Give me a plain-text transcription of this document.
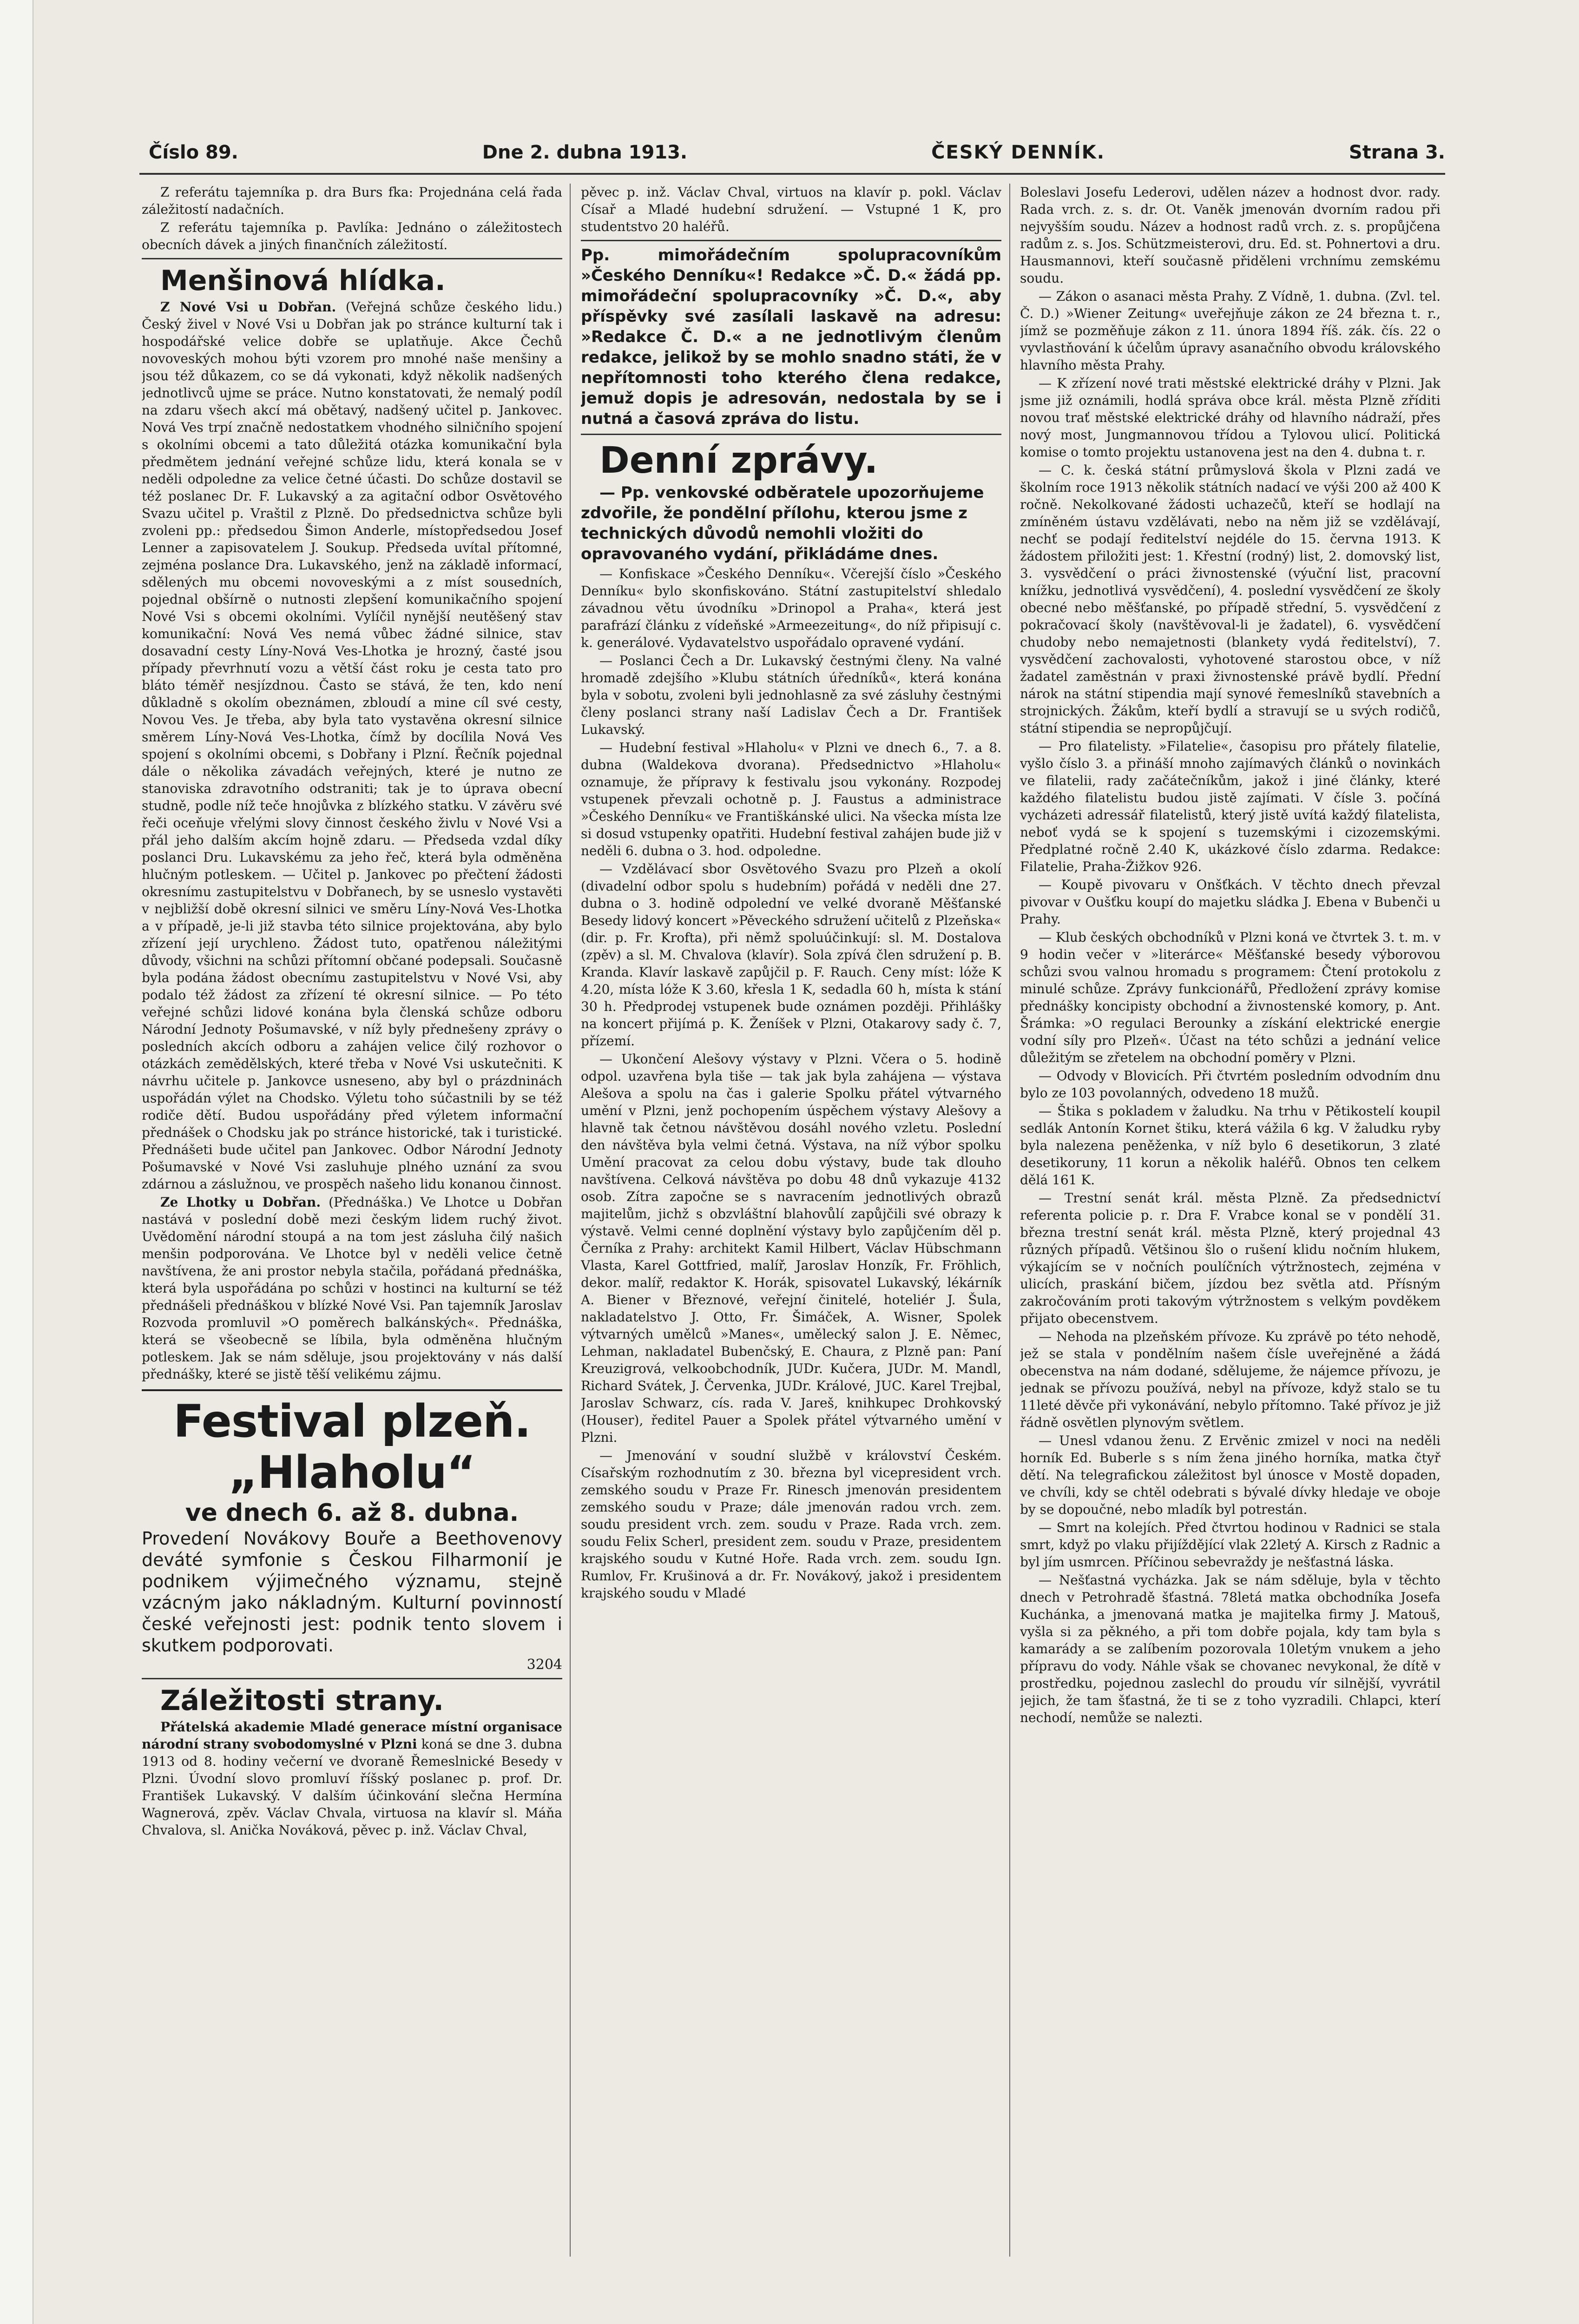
Číslo 89.	Dne 2. dubna 1913.	ČESKÝ DENNÍK.	Strana 3.

Z referátu tajemníka p. dra Burs fka: Projednána celá řada záležitostí nadačních.

Z referátu tajemníka p. Pavlíka: Jednáno o záležitostech obecních dávek a jiných finančních záležitostí.

Menšinová hlídka.

Z Nové Vsi u Dobřan. (Veřejná schůze českého lidu.) Český živel v Nové Vsi u Dobřan jak po stránce kulturní tak i hospodářské velice dobře se uplatňuje. Akce Čechů novoveských mohou býti vzorem pro mnohé naše menšiny a jsou též důkazem, co se dá vykonati, když několik nadšených jednotlivců ujme se práce. Nutno konstatovati, že nemalý podíl na zdaru všech akcí má obětavý, nadšený učitel p. Jankovec. Nová Ves trpí značně nedostatkem vhodného silničního spojení s okolními obcemi a tato důležitá otázka komunikační byla předmětem jednání veřejné schůze lidu, která konala se v neděli odpoledne za velice četné účasti. Do schůze dostavil se též poslanec Dr. F. Lukavský a za agitační odbor Osvětového Svazu učitel p. Vraštil z Plzně. Do předsednictva schůze byli zvoleni pp.: předsedou Šimon Anderle, místopředsedou Josef Lenner a zapisovatelem J. Soukup. Předseda uvítal přítomné, zejména poslance Dra. Lukavského, jenž na základě informací, sdělených mu obcemi novoveskými a z míst sousedních, pojednal obšírně o nutnosti zlepšení komunikačního spojení Nové Vsi s obcemi okolními. Vylíčil nynější neutěšený stav komunikační: Nová Ves nemá vůbec žádné silnice, stav dosavadní cesty Líny-Nová Ves-Lhotka je hrozný, časté jsou případy převrhnutí vozu a větší část roku je cesta tato pro bláto téměř nesjízdnou. Často se stává, že ten, kdo není důkladně s okolím obeznámen, zbloudí a mine cíl své cesty, Novou Ves. Je třeba, aby byla tato vystavěna okresní silnice směrem Líny-Nová Ves-Lhotka, čímž by docílila Nová Ves spojení s okolními obcemi, s Dobřany i Plzní. Řečník pojednal dále o několika závadách veřejných, které je nutno ze stanoviska zdravotního odstraniti; tak je to úprava obecní studně, podle níž teče hnojůvka z blízkého statku. V závěru své řeči oceňuje vřelými slovy činnost českého živlu v Nové Vsi a přál jeho dalším akcím hojně zdaru. — Předseda vzdal díky poslanci Dru. Lukavskému za jeho řeč, která byla odměněna hlučným potleskem. — Učitel p. Jankovec po přečtení žádosti okresnímu zastupitelstvu v Dobřanech, by se usneslo vystavěti v nejbližší době okresní silnici ve směru Líny-Nová Ves-Lhotka a v případě, je-li již stavba této silnice projektována, aby bylo zřízení její urychleno. Žádost tuto, opatřenou náležitými důvody, všichni na schůzi přítomní občané podepsali. Současně byla podána žádost obecnímu zastupitelstvu v Nové Vsi, aby podalo též žádost za zřízení té okresní silnice. — Po této veřejné schůzi lidové konána byla členská schůze odboru Národní Jednoty Pošumavské, v níž byly přednešeny zprávy o posledních akcích odboru a zahájen velice čilý rozhovor o otázkách zemědělských, které třeba v Nové Vsi uskutečniti. K návrhu učitele p. Jankovce usneseno, aby byl o prázdninách uspořádán výlet na Chodsko. Výletu toho súčastnili by se též rodiče dětí. Budou uspořádány před výletem informační přednášek o Chodsku jak po stránce historické, tak i turistické. Přednášeti bude učitel pan Jankovec. Odbor Národní Jednoty Pošumavské v Nové Vsi zasluhuje plného uznání za svou zdárnou a záslužnou, ve prospěch našeho lidu konanou činnost.

Ze Lhotky u Dobřan. (Přednáška.) Ve Lhotce u Dobřan nastává v poslední době mezi českým lidem ruchý život. Uvědomění národní stoupá a na tom jest zásluha čilý našich menšin podporována. Ve Lhotce byl v neděli velice četně navštívena, že ani prostor nebyla stačila, pořádaná přednáška, která byla uspořádána po schůzi v hostinci na kulturní se též přednášeli přednáškou v blízké Nové Vsi. Pan tajemník Jaroslav Rozvoda promluvil »O poměrech balkánských«. Přednáška, která se všeobecně se líbila, byla odměněna hlučným potleskem. Jak se nám sděluje, jsou projektovány v nás další přednášky, které se jistě těší velikému zájmu.

Festival plzeň. „Hlaholu“
ve dnech 6. až 8. dubna.
Provedení Novákovy Bouře a Beethovenovy deváté symfonie s Českou Filharmonií je podnikem výjimečného významu, stejně vzácným jako nákladným. Kulturní povinností české veřejnosti jest: podnik tento slovem i skutkem podporovati.
3204

Záležitosti strany.

Přátelská akademie Mladé generace místní organisace národní strany svobodomyslné v Plzni koná se dne 3. dubna 1913 od 8. hodiny večerní ve dvoraně Řemeslnické Besedy v Plzni. Úvodní slovo promluví říšský poslanec p. prof. Dr. František Lukavský. V dalším účinkování slečna Hermína Wagnerová, zpěv. Václav Chvala, virtuosa na klavír sl. Máňa Chvalova, sl. Anička Nováková, pěvec p. inž. Václav Chval,

pěvec p. inž. Václav Chval, virtuos na klavír p. pokl. Václav Císař a Mladé hudební sdružení. — Vstupné 1 K, pro studentstvo 20 haléřů.

Pp. mimořádečním spolupracovníkům »Českého Denníku«! Redakce »Č. D.« žádá pp. mimořádeční spolupracovníky »Č. D.«, aby příspěvky své zasílali laskavě na adresu: »Redakce Č. D.« a ne jednotlivým členům redakce, jelikož by se mohlo snadno státi, že v nepřítomnosti toho kterého člena redakce, jemuž dopis je adresován, nedostala by se i nutná a časová zpráva do listu.

Denní zprávy.

— Pp. venkovské odběratele upozorňujeme zdvořile, že pondělní přílohu, kterou jsme z technických důvodů nemohli vložiti do opravovaného vydání, přikládáme dnes.

— Konfiskace »Českého Denníku«. Včerejší číslo »Českého Denníku« bylo skonfiskováno. Státní zastupitelství shledalo závadnou větu úvodníku »Drinopol a Praha«, která jest parafrází článku z vídeňské »Armeezeitung«, do níž připisují c. k. generálové. Vydavatelstvo uspořádalo opravené vydání.

— Poslanci Čech a Dr. Lukavský čestnými členy. Na valné hromadě zdejšího »Klubu státních úředníků«, která konána byla v sobotu, zvoleni byli jednohlasně za své zásluhy čestnými členy poslanci strany naší Ladislav Čech a Dr. František Lukavský.

— Hudební festival »Hlaholu« v Plzni ve dnech 6., 7. a 8. dubna (Waldekova dvorana). Předsednictvo »Hlaholu« oznamuje, že přípravy k festivalu jsou vykonány. Rozpodej vstupenek převzali ochotně p. J. Faustus a administrace »Českého Denníku« ve Františkánské ulici. Na všecka místa lze si dosud vstupenky opatřiti. Hudební festival zahájen bude již v neděli 6. dubna o 3. hod. odpoledne.

— Vzdělávací sbor Osvětového Svazu pro Plzeň a okolí (divadelní odbor spolu s hudebním) pořádá v neděli dne 27. dubna o 3. hodině odpolední ve velké dvoraně Měšťanské Besedy lidový koncert »Pěveckého sdružení učitelů z Plzeňska« (dir. p. Fr. Krofta), při němž spoluúčinkují: sl. M. Dostalova (zpěv) a sl. M. Chvalova (klavír). Sola zpívá člen sdružení p. B. Kranda. Klavír laskavě zapůjčil p. F. Rauch. Ceny míst: lóže K 4.20, místa lóže K 3.60, křesla 1 K, sedadla 60 h, místa k stání 30 h. Předprodej vstupenek bude oznámen později. Přihlášky na koncert přijímá p. K. Ženíšek v Plzni, Otakarovy sady č. 7, přízemí.

— Ukončení Alešovy výstavy v Plzni. Včera o 5. hodině odpol. uzavřena byla tiše — tak jak byla zahájena — výstava Alešova a spolu na čas i galerie Spolku přátel výtvarného umění v Plzni, jenž pochopením úspěchem výstavy Alešovy a hlavně tak četnou návštěvou dosáhl nového vzletu. Poslední den návštěva byla velmi četná. Výstava, na níž výbor spolku Umění pracovat za celou dobu výstavy, bude tak dlouho navštívena. Celková návštěva po dobu 48 dnů vykazuje 4132 osob. Zítra započne se s navracením jednotlivých obrazů majitelům, jichž s obzvláštní blahovůlí zapůjčili své obrazy k výstavě. Velmi cenné doplnění výstavy bylo zapůjčením děl p. Černíka z Prahy: architekt Kamil Hilbert, Václav Hübschmann Vlasta, Karel Gottfried, malíř, Jaroslav Honzík, Fr. Fröhlich, dekor. malíř, redaktor K. Horák, spisovatel Lukavský, lékárník A. Biener v Březnové, veřejní činitelé, hoteliér J. Šula, nakladatelstvo J. Otto, Fr. Šimáček, A. Wisner, Spolek výtvarných umělců »Manes«, umělecký salon J. E. Němec, Lehman, nakladatel Bubenčský, E. Chaura, z Plzně pan: Paní Kreuzigrová, velkoobchodník, JUDr. Kučera, JUDr. M. Mandl, Richard Svátek, J. Červenka, JUDr. Králové, JUC. Karel Trejbal, Jaroslav Schwarz, cís. rada V. Jareš, knihkupec Drohkovský (Houser), ředitel Pauer a Spolek přátel výtvarného umění v Plzni.

— Jmenování v soudní službě v království Českém. Císařským rozhodnutím z 30. března byl vicepresident vrch. zemského soudu v Praze Fr. Rinesch jmenován presidentem zemského soudu v Praze; dále jmenován radou vrch. zem. soudu president vrch. zem. soudu v Praze. Rada vrch. zem. soudu Felix Scherl, president zem. soudu v Praze, presidentem krajského soudu v Kutné Hoře. Rada vrch. zem. soudu Ign. Rumlov, Fr. Krušinová a dr. Fr. Novákový, jakož i presidentem krajského soudu v Mladé

Boleslavi Josefu Lederovi, udělen název a hodnost dvor. rady. Rada vrch. z. s. dr. Ot. Vaněk jmenován dvorním radou při nejvyšším soudu. Název a hodnost radů vrch. z. s. propůjčena radům z. s. Jos. Schützmeisterovi, dru. Ed. st. Pohnertovi a dru. Hausmannovi, kteří současně přiděleni vrchnímu zemskému soudu.

— Zákon o asanaci města Prahy. Z Vídně, 1. dubna. (Zvl. tel. Č. D.) »Wiener Zeitung« uveřejňuje zákon ze 24 března t. r., jímž se pozměňuje zákon z 11. února 1894 říš. zák. čís. 22 o vyvlastňování k účelům úpravy asanačního obvodu královského hlavního města Prahy.

— K zřízení nové trati městské elektrické dráhy v Plzni. Jak jsme již oznámili, hodlá správa obce král. města Plzně zříditi novou trať městské elektrické dráhy od hlavního nádraží, přes nový most, Jungmannovou třídou a Tylovou ulicí. Politická komise o tomto projektu ustanovena jest na den 4. dubna t. r.

— C. k. česká státní průmyslová škola v Plzni zadá ve školním roce 1913 několik státních nadací ve výši 200 až 400 K ročně. Nekolkované žádosti uchazečů, kteří se hodlají na zmíněném ústavu vzdělávati, nebo na něm již se vzdělávají, nechť se podají ředitelství nejdéle do 15. června 1913. K žádostem přiložiti jest: 1. Křestní (rodný) list, 2. domovský list, 3. vysvědčení o práci živnostenské (výuční list, pracovní knížku, jednotlivá vysvědčení), 4. poslední vysvědčení ze školy obecné nebo měšťanské, po případě střední, 5. vysvědčení z pokračovací školy (navštěvoval-li je žadatel), 6. vysvědčení chudoby nebo nemajetnosti (blankety vydá ředitelství), 7. vysvědčení zachovalosti, vyhotovené starostou obce, v níž žadatel zaměstnán v praxi živnostenské právě bydlí. Přední nárok na státní stipendia mají synové řemeslníků stavebních a strojnických. Žákům, kteří bydlí a stravují se u svých rodičů, státní stipendia se nepropůjčují.

— Pro filatelisty. »Filatelie«, časopisu pro přátely filatelie, vyšlo číslo 3. a přináší mnoho zajímavých článků o novinkách ve filatelii, rady začátečníkům, jakož i jiné články, které každého filatelistu budou jistě zajímati. V čísle 3. počíná vycházeti adressář filatelistů, který jistě uvítá každý filatelista, neboť vydá se k spojení s tuzemskými i cizozemskými. Předplatné ročně 2.40 K, ukázkové číslo zdarma. Redakce: Filatelie, Praha-Žižkov 926.

— Koupě pivovaru v Onšťkách. V těchto dnech převzal pivovar v Oušťku koupí do majetku sládka J. Ebena v Bubenči u Prahy.

— Klub českých obchodníků v Plzni koná ve čtvrtek 3. t. m. v 9 hodin večer v »literárce« Měšťanské besedy výborovou schůzi svou valnou hromadu s programem: Čtení protokolu z minulé schůze. Zprávy funkcionářů, Předložení zprávy komise přednášky koncipisty obchodní a živnostenské komory, p. Ant. Šrámka: »O regulaci Berounky a získání elektrické energie vodní síly pro Plzeň«. Účast na této schůzi a jednání velice důležitým se zřetelem na obchodní poměry v Plzni.

— Odvody v Blovicích. Při čtvrtém posledním odvodním dnu bylo ze 103 povolanných, odvedeno 18 mužů.

— Štika s pokladem v žaludku. Na trhu v Pětikostelí koupil sedlák Antonín Kornet štiku, která vážila 6 kg. V žaludku ryby byla nalezena peněženka, v níž bylo 6 desetikorun, 3 zlaté desetikoruny, 11 korun a několik haléřů. Obnos ten celkem dělá 161 K.

— Trestní senát král. města Plzně. Za předsednictví referenta policie p. r. Dra F. Vrabce konal se v pondělí 31. března trestní senát král. města Plzně, který projednal 43 různých případů. Většinou šlo o rušení klidu nočním hlukem, výkajícím se v nočních poulíčních výtržnostech, zejména v ulicích, praskání bičem, jízdou bez světla atd. Přísným zakročováním proti takovým výtržnostem s velkým povděkem přijato obecenstvem.

— Nehoda na plzeňském přívoze. Ku zprávě po této nehodě, jež se stala v pondělním našem čísle uveřejněné a žádá obecenstva na nám dodané, sdělujeme, že nájemce přívozu, je jednak se přívozu používá, nebyl na přívoze, když stalo se tu 11leté děvče při vykonávání, nebylo přítomno. Také přívoz je již řádně osvětlen plynovým světlem.

— Unesl vdanou ženu. Z Ervěnic zmizel v noci na neděli horník Ed. Buberle s s ním žena jiného horníka, matka čtyř dětí. Na telegrafickou záležitost byl únosce v Mostě dopaden, ve chvíli, kdy se chtěl odebrati s bývalé dívky hledaje ve oboje by se dopoučné, nebo mladík byl potrestán.

— Smrt na kolejích. Před čtvrtou hodinou v Radnici se stala smrt, když po vlaku přijíždějící vlak 22letý A. Kirsch z Radnic a byl jím usmrcen. Příčinou sebevraždy je nešťastná láska.

— Nešťastná vycházka. Jak se nám sděluje, byla v těchto dnech v Petrohradě šťastná. 78letá matka obchodníka Josefa Kuchánka, a jmenovaná matka je majitelka firmy J. Matouš, vyšla si za pěkného, a při tom dobře pojala, kdy tam byla s kamarády a se zalíbením pozorovala 10letým vnukem a jeho přípravu do vody. Náhle však se chovanec nevykonal, že dítě v prostředku, pojednou zaslechl do proudu vír silnější, vyvrátil jejich, že tam šťastná, že ti se z toho vyzradili. Chlapci, kterí nechodí, nemůže se nalezti.
